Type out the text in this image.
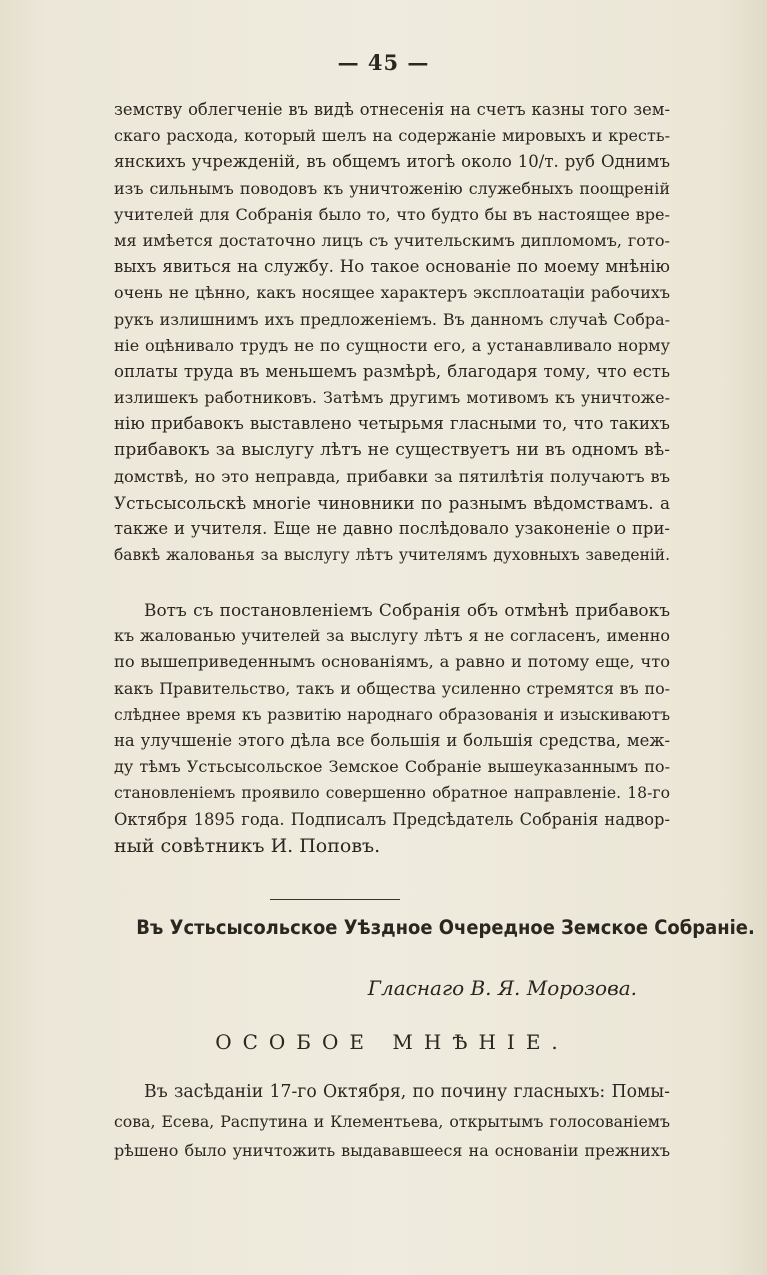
— 45 —
земству облегченіе въ видѣ отнесенія на счетъ казны того зем-
скаго расхода, который шелъ на содержаніе мировыхъ и кресть-
янскихъ учрежденій, въ общемъ итогѣ около 10/т. руб Однимъ
изъ сильнымъ поводовъ къ уничтоженію служебныхъ поощреній
учителей для Собранія было то, что будто бы въ настоящее вре-
мя имѣется достаточно лицъ съ учительскимъ дипломомъ, гото-
выхъ явиться на службу. Но такое основаніе по моему мнѣнію
очень не цѣнно, какъ носящее характеръ эксплоатаціи рабочихъ
рукъ излишнимъ ихъ предложеніемъ. Въ данномъ случаѣ Собра-
ніе оцѣнивало трудъ не по сущности его, а устанавливало норму
оплаты труда въ меньшемъ размѣрѣ, благодаря тому, что есть
излишекъ работниковъ. Затѣмъ другимъ мотивомъ къ уничтоже-
нію прибавокъ выставлено четырьмя гласными то, что такихъ
прибавокъ за выслугу лѣтъ не существуетъ ни въ одномъ вѣ-
домствѣ, но это неправда, прибавки за пятилѣтія получаютъ въ
Устьсысольскѣ многіе чиновники по разнымъ вѣдомствамъ. а
также и учителя. Еще не давно послѣдовало узаконеніе о при-
бавкѣ жалованья за выслугу лѣтъ учителямъ духовныхъ заведеній.
Вотъ съ постановленіемъ Собранія объ отмѣнѣ прибавокъ
къ жалованью учителей за выслугу лѣтъ я не согласенъ, именно
по вышеприведеннымъ основаніямъ, а равно и потому еще, что
какъ Правительство, такъ и общества усиленно стремятся въ по-
слѣднее время къ развитію народнаго образованія и изыскиваютъ
на улучшеніе этого дѣла все большія и большія средства, меж-
ду тѣмъ Устьсысольское Земское Собраніе вышеуказаннымъ по-
становленіемъ проявило совершенно обратное направленіе. 18-го
Октября 1895 года. Подписалъ Предсѣдатель Собранія надвор-
ный совѣтникъ И. Поповъ.
Въ Устьсысольское Уѣздное Очередное Земское Собраніе.
Гласнаго В. Я. Морозова.
ОСОБОЕ МНѢНІЕ.
Въ засѣданіи 17-го Октября, по почину гласныхъ: Помы-
сова, Есева, Распутина и Клементьева, открытымъ голосованіемъ
рѣшено было уничтожить выдававшееся на основаніи прежнихъ
